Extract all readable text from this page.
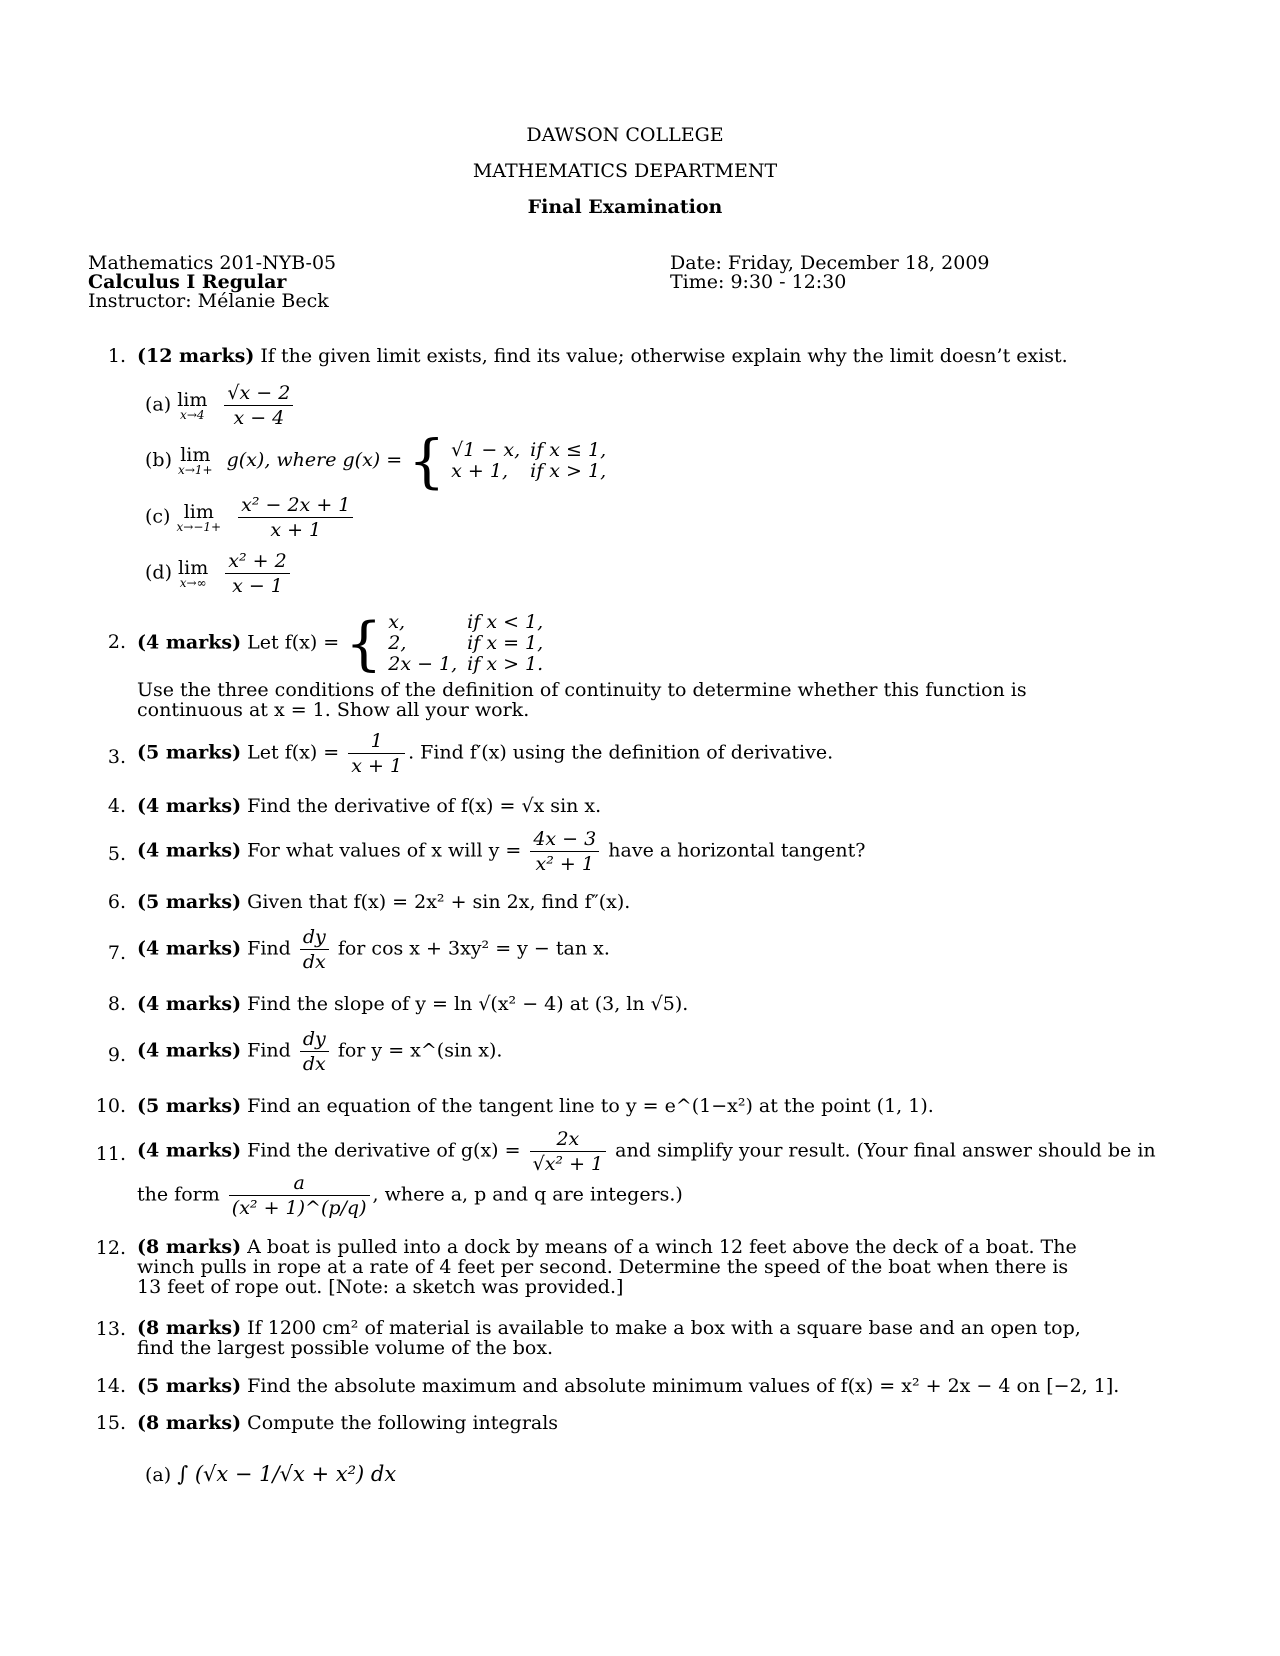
DAWSON COLLEGE
MATHEMATICS DEPARTMENT
Final Examination
Mathematics 201-NYB-05
Calculus I Regular
Instructor: Mélanie Beck
Date: Friday, December 18, 2009
Time: 9:30 - 12:30
1. (12 marks) If the given limit exists, find its value; otherwise explain why the limit doesn’t exist.
(a) lim
x→4
$\frac{√x - 2}{x - 4}$
(b) lim
x→1+ g(x), where g(x) = { √1 − x,	if x ≤ 1,
x + 1,	if x > 1,
(c) lim
x→−1+
$\frac{\text{x² − 2x + 1}}{x + 1}$
(d) lim
x→∞
$\frac{\text{x² + 2}}{x - 1}$
2. (4 marks) Let f(x) = { x,	if x < 1,
2,	if x = 1,
2x − 1,	if x > 1.
Use the three conditions of the definition of continuity to determine whether this function is continuous at x = 1. Show all your work.
3. (5 marks) Let $f(x) = \frac{1}{x + 1}$ . Find f′(x) using the definition of derivative.
4. (4 marks) Find the derivative of f(x) = √x sin x.
5. (4 marks) For what values of x will $y = \frac{4x - 3}{\text{x² + 1}}$ have a horizontal tangent?
6. (5 marks) Given that f(x) = 2x² + sin 2x, find f″(x).
7. (4 marks) Find $\frac{dy}{dx}$ for cos x + 3xy² = y − tan x.
8. (4 marks) Find the slope of y = ln √(x² − 4) at (3, ln √5).
9. (4 marks) Find $\frac{dy}{dx}$ for y = x^(sin x).
10. (5 marks) Find an equation of the tangent line to y = e^(1−x²) at the point (1, 1).
11. (4 marks) Find the derivative of $g(x) = \frac{2x}{\text{√x² + 1}}$ and simplify your result. (Your final answer should be in
the form $\frac{a}{\text{(x² + 1)\textasciicircum{}(p/q)}}$ , where a, p and q are integers.)
12. (8 marks) A boat is pulled into a dock by means of a winch 12 feet above the deck of a boat. The winch pulls in rope at a rate of 4 feet per second. Determine the speed of the boat when there is 13 feet of rope out. [Note: a sketch was provided.]
13. (8 marks) If 1200 cm² of material is available to make a box with a square base and an open top, find the largest possible volume of the box.
14. (5 marks) Find the absolute maximum and absolute minimum values of f(x) = x² + 2x − 4 on [−2, 1].
15. (8 marks) Compute the following integrals
(a) ∫ (√x − 1/√x + x²) dx
